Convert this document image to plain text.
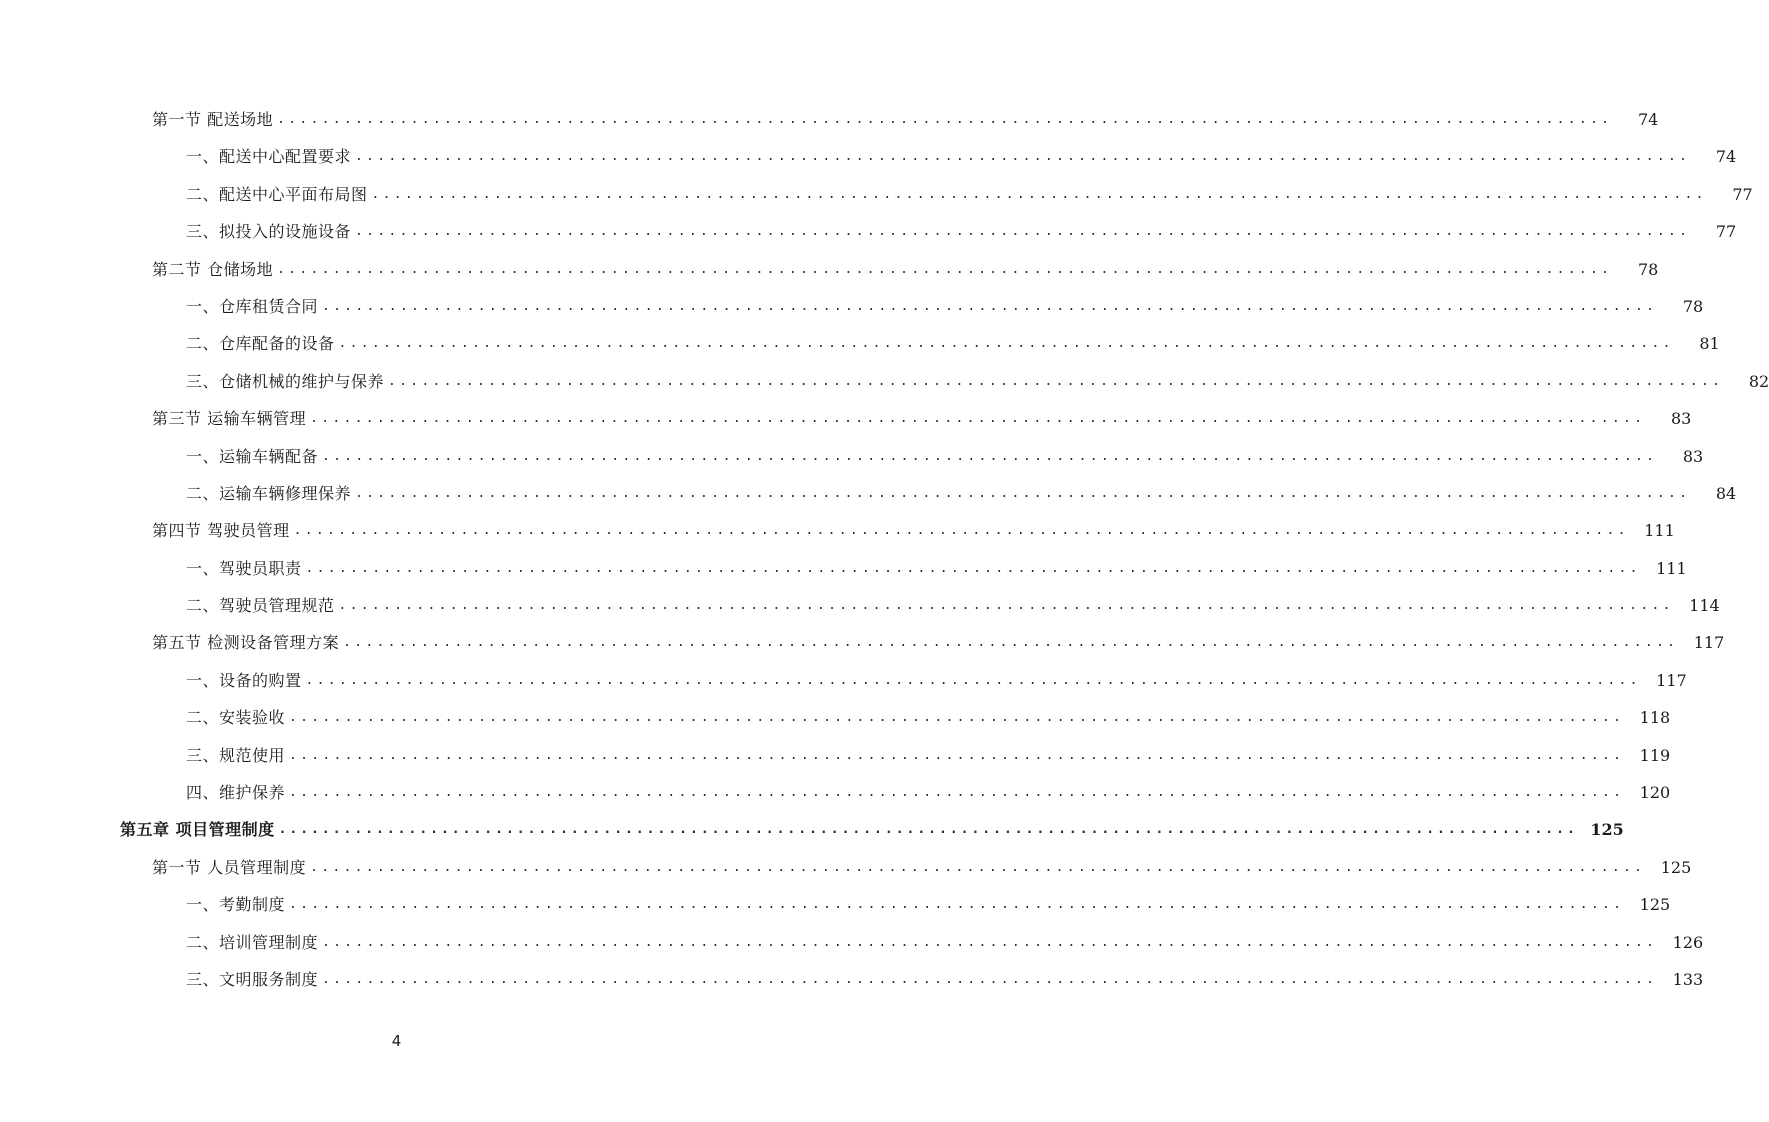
第一节 配送场地 ........................................................................................................................	74
一、配送中心配置要求 ........................................................................................................................	74
二、配送中心平面布局图 ........................................................................................................................	77
三、拟投入的设施设备 ........................................................................................................................	77
第二节 仓储场地 ........................................................................................................................	78
一、仓库租赁合同 ........................................................................................................................	78
二、仓库配备的设备 ........................................................................................................................	81
三、仓储机械的维护与保养 ........................................................................................................................	82
第三节 运输车辆管理 ........................................................................................................................	83
一、运输车辆配备 ........................................................................................................................	83
二、运输车辆修理保养 ........................................................................................................................	84
第四节 驾驶员管理 ........................................................................................................................ 111
一、驾驶员职责 ........................................................................................................................ 111
二、驾驶员管理规范 ........................................................................................................................ 114
第五节 检测设备管理方案 ........................................................................................................................ 117
一、设备的购置 ........................................................................................................................ 117
二、安装验收 ........................................................................................................................ 118
三、规范使用 ........................................................................................................................ 119
四、维护保养 ........................................................................................................................ 120
第五章 项目管理制度 ........................................................................................................................ 125
第一节 人员管理制度 ........................................................................................................................ 125
一、考勤制度 ........................................................................................................................ 125
二、培训管理制度 ........................................................................................................................ 126
三、文明服务制度 ........................................................................................................................ 133
4
